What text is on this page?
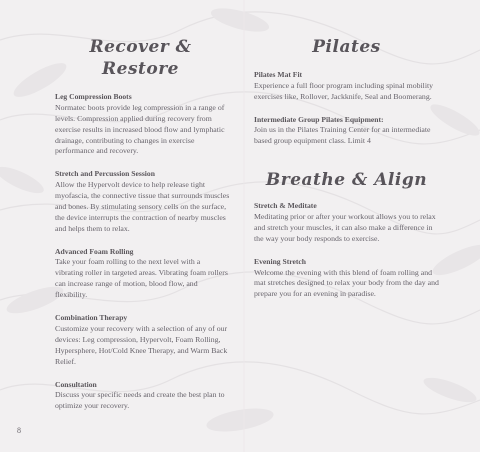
Recover & Restore

Leg Compression Boots

Normatec boots provide leg compression in a range of levels. Compression applied during recovery from exercise results in increased blood flow and lymphatic drainage, contributing to changes in exercise performance and recovery.

Stretch and Percussion Session

Allow the Hypervolt device to help release tight myofascia, the connective tissue that surrounds muscles and bones. By stimulating sensory cells on the surface, the device interrupts the contraction of nearby muscles and helps them to relax.

Advanced Foam Rolling

Take your foam rolling to the next level with a vibrating roller in targeted areas. Vibrating foam rollers can increase range of motion, blood flow, and flexibility.

Combination Therapy

Customize your recovery with a selection of any of our devices: Leg compression, Hypervolt, Foam Rolling, Hypersphere, Hot/Cold Knee Therapy, and Warm Back Relief.

Consultation

Discuss your specific needs and create the best plan to optimize your recovery.

Pilates

Pilates Mat Fit

Experience a full floor program including spinal mobility exercises like, Rollover, Jackknife, Seal and Boomerang.

Intermediate Group Pilates Equipment:

Join us in the Pilates Training Center for an intermediate based group equipment class. Limit 4

Breathe & Align

Stretch & Meditate

Meditating prior or after your workout allows you to relax and stretch your muscles, it can also make a difference in the way your body responds to exercise.

Evening Stretch

Welcome the evening with this blend of foam rolling and mat stretches designed to relax your body from the day and prepare you for an evening in paradise.

8
